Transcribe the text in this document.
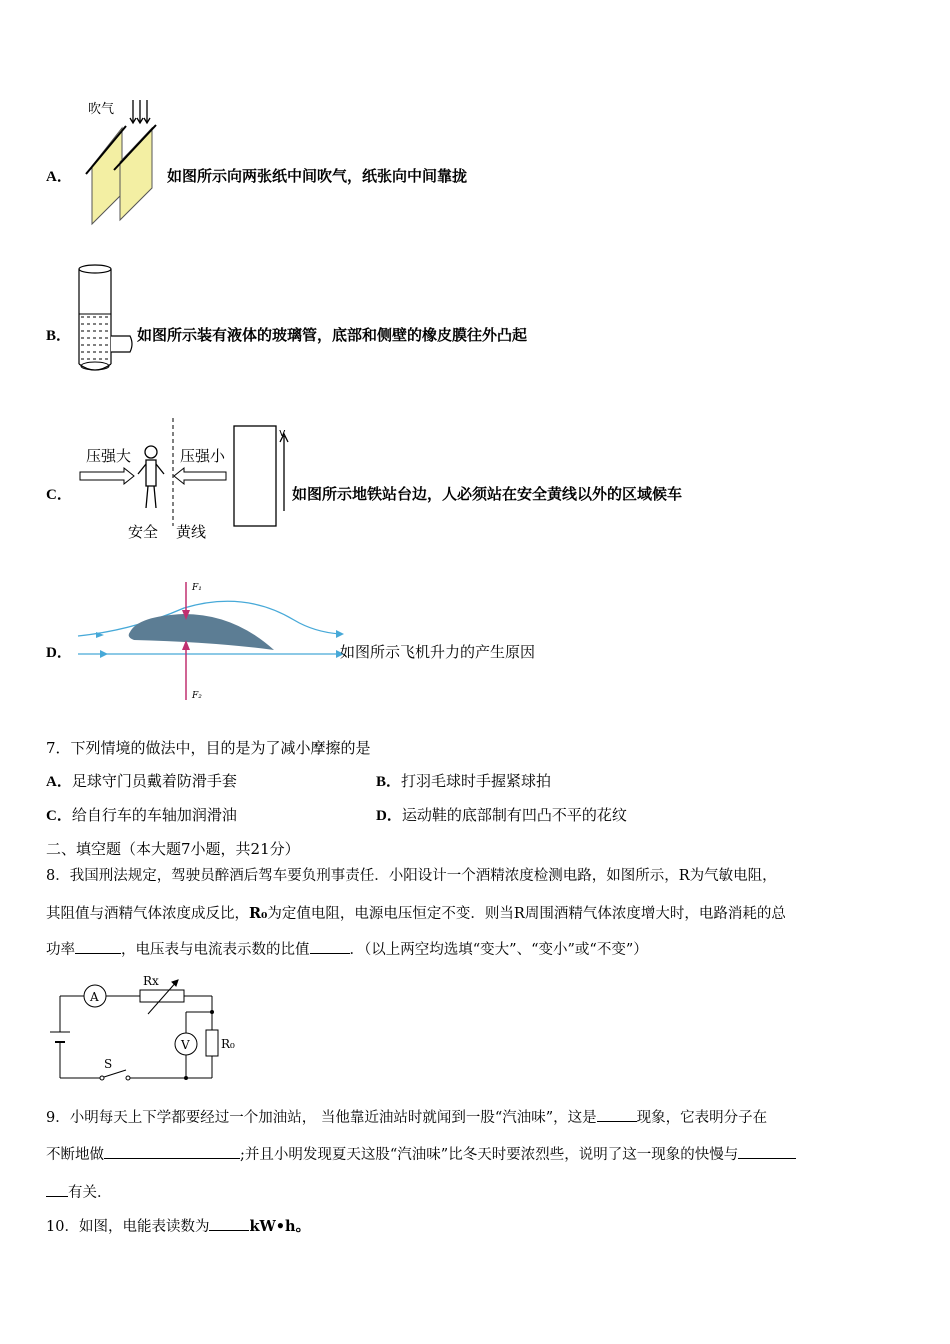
A．
吹气
如图所示向两张纸中间吹气，纸张向中间靠拢
B．	如图所示装有液体的玻璃管，底部和侧壁的橡皮膜往外凸起
C．
压强大	压强小
v
安全 黄线
如图所示地铁站台边，人必须站在安全黄线以外的区域候车
D．
F₁
F₂
如图所示飞机升力的产生原因
7．下列情境的做法中，目的是为了减小摩擦的是
A．足球守门员戴着防滑手套	B．打羽毛球时手握紧球拍
C．给自行车的车轴加润滑油	D．运动鞋的底部制有凹凸不平的花纹
二、填空题（本大题7小题，共21分）
8．我国刑法规定，驾驶员醉酒后驾车要负刑事责任．小阳设计一个酒精浓度检测电路，如图所示，R为气敏电阻，
其阻值与酒精气体浓度成反比，R₀为定值电阻，电源电压恒定不变．则当R周围酒精气体浓度增大时，电路消耗的总
功率	，电压表与电流表示数的比值	．（以上两空均选填“变大”、“变小”或“不变”）
A
V
Rx
R₀
S
9．小明每天上下学都要经过一个加油站， 当他靠近油站时就闻到一股“汽油味”，这是	现象，它表明分子在
不断地做	;并且小明发现夏天这股“汽油味”比冬天时要浓烈些，说明了这一现象的快慢与
有关．
10．如图，电能表读数为	kW•h。
